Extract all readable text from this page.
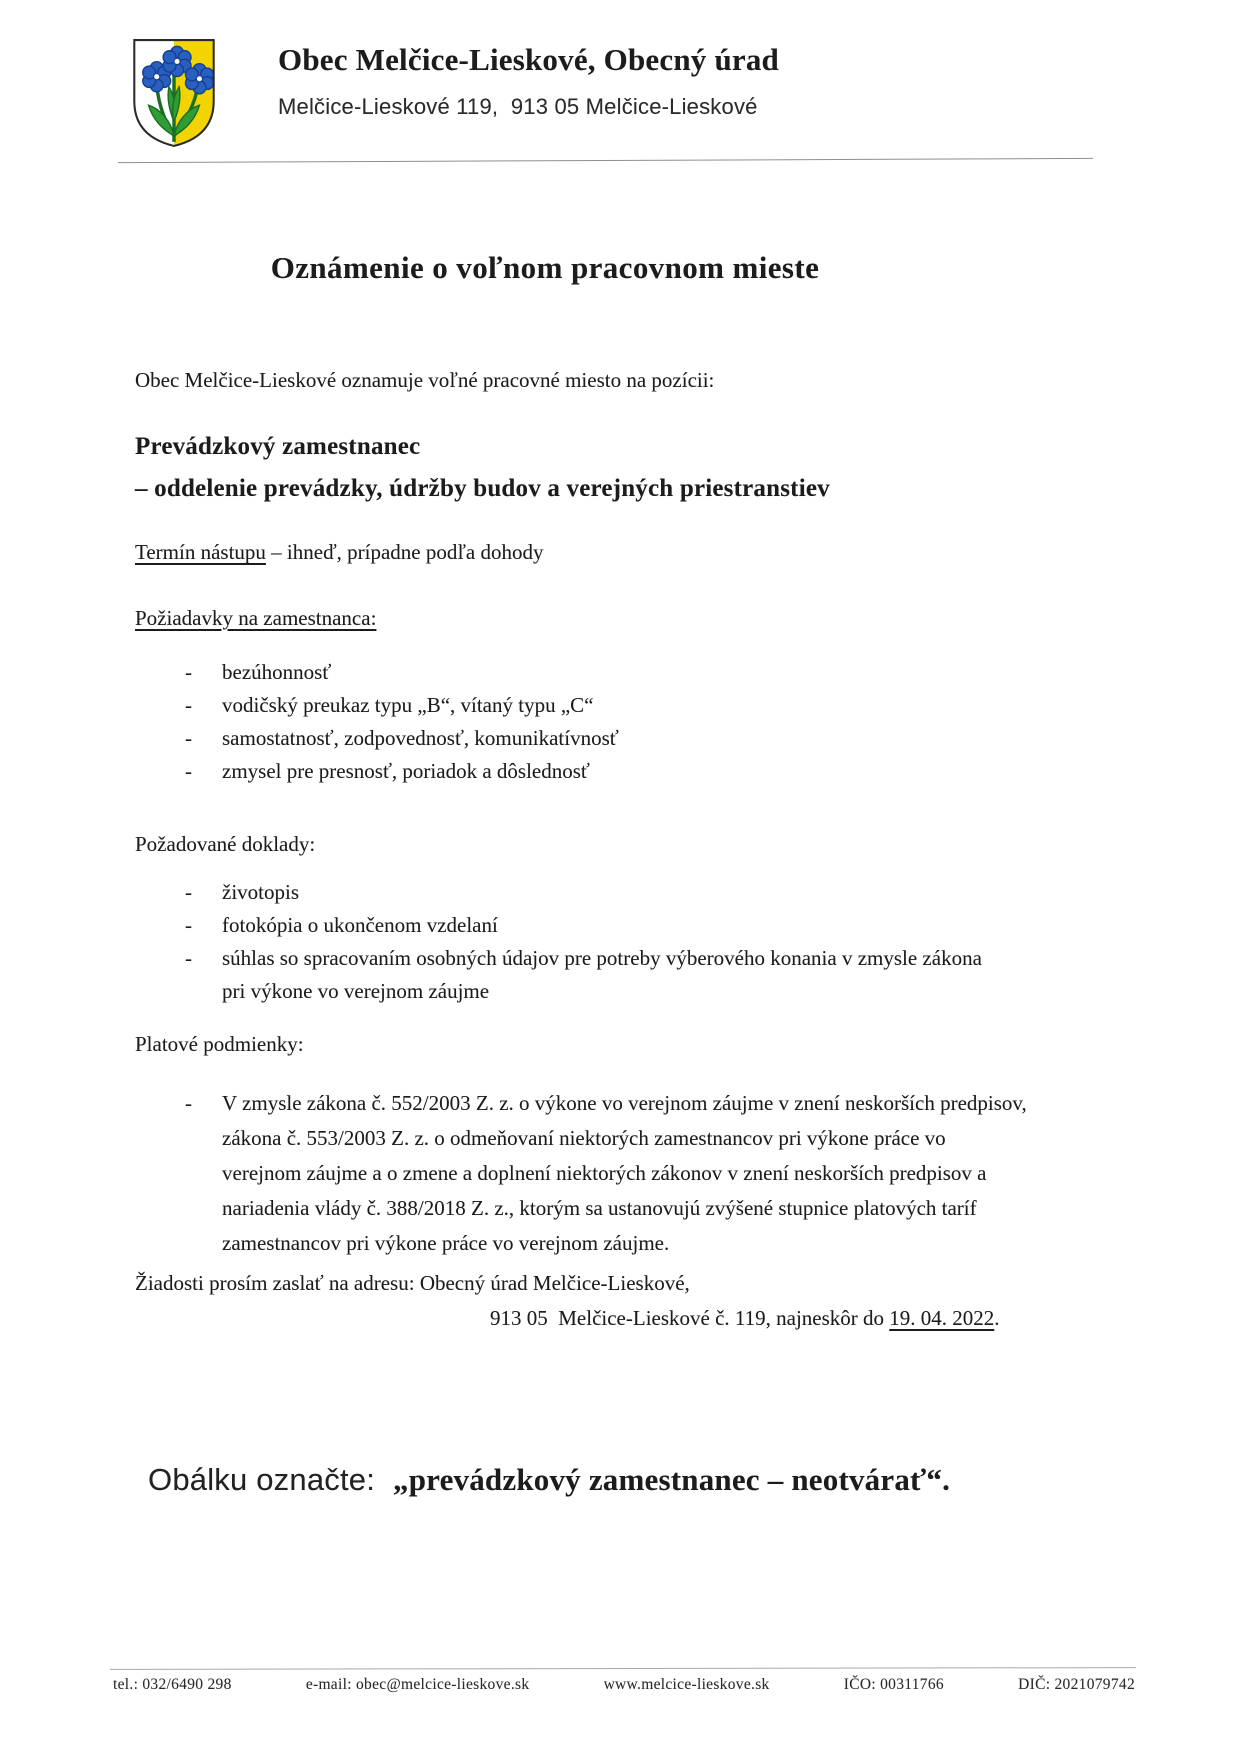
Obec Melčice-Lieskové, Obecný úrad
Melčice-Lieskové 119,  913 05 Melčice-Lieskové
Oznámenie o voľnom pracovnom mieste
Obec Melčice-Lieskové oznamuje voľné pracovné miesto na pozícii:
Prevádzkový zamestnanec
– oddelenie prevádzky, údržby budov a verejných priestranstiev
Termín nástupu – ihneď, prípadne podľa dohody
Požiadavky na zamestnanca:
-	bezúhonnosť
-	vodičský preukaz typu „B“, vítaný typu „C“
-	samostatnosť, zodpovednosť, komunikatívnosť
-	zmysel pre presnosť, poriadok a dôslednosť
Požadované doklady:
-	životopis
-	fotokópia o ukončenom vzdelaní
-	súhlas so spracovaním osobných údajov pre potreby výberového konania v zmysle zákona pri výkone vo verejnom záujme
Platové podmienky:
-	V zmysle zákona č. 552/2003 Z. z. o výkone vo verejnom záujme v znení neskorších predpisov, zákona č. 553/2003 Z. z. o odmeňovaní niektorých zamestnancov pri výkone práce vo verejnom záujme a o zmene a doplnení niektorých zákonov v znení neskorších predpisov a nariadenia vlády č. 388/2018 Z. z., ktorým sa ustanovujú zvýšené stupnice platových taríf zamestnancov pri výkone práce vo verejnom záujme.
Žiadosti prosím zaslať na adresu: Obecný úrad Melčice-Lieskové,
913 05  Melčice-Lieskové č. 119, najneskôr do 19. 04. 2022.
Obálku označte: „prevádzkový zamestnanec – neotvárať“.
tel.: 032/6490 298	e-mail: obec@melcice-lieskove.sk	www.melcice-lieskove.sk	IČO: 00311766	DIČ: 2021079742
